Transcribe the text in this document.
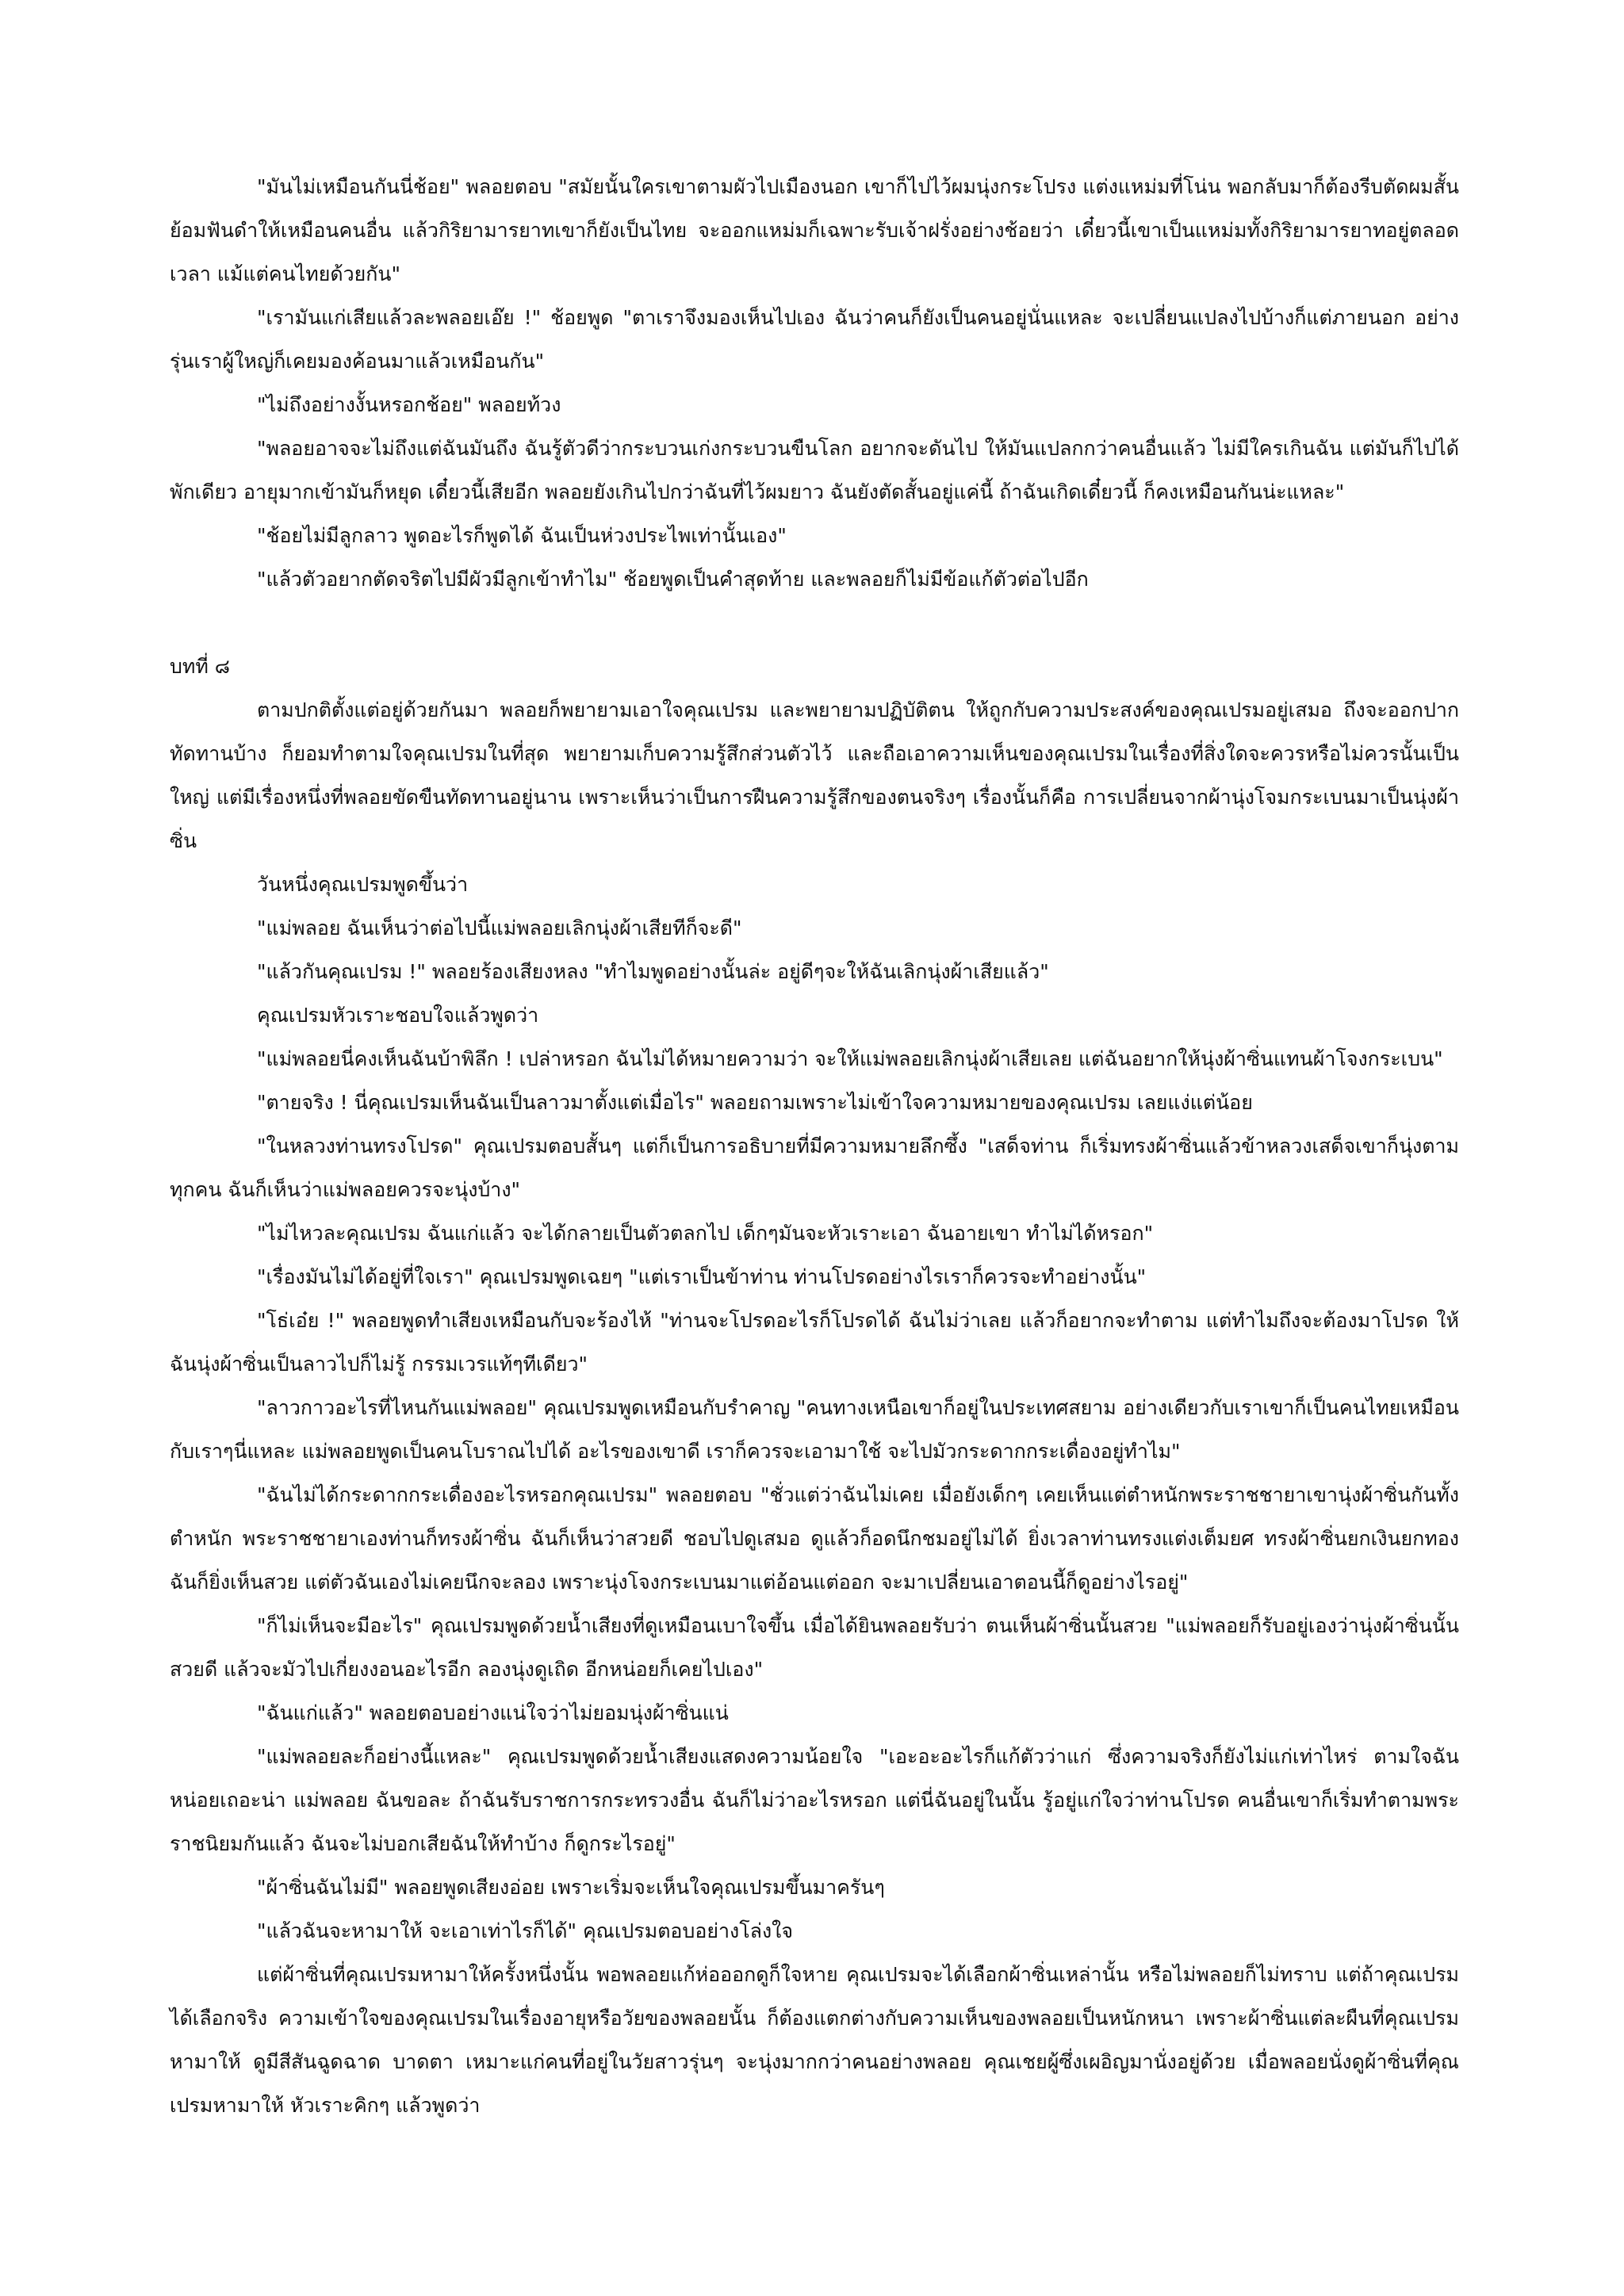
"มันไม่เหมือนกันนี่ช้อย" พลอยตอบ "สมัยนั้นใครเขาตามผัวไปเมืองนอก เขาก็ไปไว้ผมนุ่งกระโปรง แต่งแหม่มที่โน่น พอกลับมาก็ต้องรีบตัดผมสั้น ย้อมฟันดำให้เหมือนคนอื่น แล้วกิริยามารยาทเขาก็ยังเป็นไทย จะออกแหม่มก็เฉพาะรับเจ้าฝรั่งอย่างช้อยว่า เดี๋ยวนี้เขาเป็นแหม่มทั้งกิริยามารยาทอยู่ตลอดเวลา แม้แต่คนไทยด้วยกัน"

"เรามันแก่เสียแล้วละพลอยเอ๊ย !" ช้อยพูด "ตาเราจึงมองเห็นไปเอง ฉันว่าคนก็ยังเป็นคนอยู่นั่นแหละ จะเปลี่ยนแปลงไปบ้างก็แต่ภายนอก อย่างรุ่นเราผู้ใหญ่ก็เคยมองค้อนมาแล้วเหมือนกัน"

"ไม่ถึงอย่างงั้นหรอกช้อย" พลอยท้วง

"พลอยอาจจะไม่ถึงแต่ฉันมันถึง ฉันรู้ตัวดีว่ากระบวนเก่งกระบวนขืนโลก อยากจะดันไป ให้มันแปลกกว่าคนอื่นแล้ว ไม่มีใครเกินฉัน แต่มันก็ไปได้พักเดียว อายุมากเข้ามันก็หยุด เดี๋ยวนี้เสียอีก พลอยยังเกินไปกว่าฉันที่ไว้ผมยาว ฉันยังตัดสั้นอยู่แค่นี้ ถ้าฉันเกิดเดี๋ยวนี้ ก็คงเหมือนกันน่ะแหละ"

"ช้อยไม่มีลูกลาว พูดอะไรก็พูดได้ ฉันเป็นห่วงประไพเท่านั้นเอง"

"แล้วตัวอยากตัดจริตไปมีผัวมีลูกเข้าทำไม" ช้อยพูดเป็นคำสุดท้าย และพลอยก็ไม่มีข้อแก้ตัวต่อไปอีก

บทที่ ๘

ตามปกติตั้งแต่อยู่ด้วยกันมา พลอยก็พยายามเอาใจคุณเปรม และพยายามปฏิบัติตน ให้ถูกกับความประสงค์ของคุณเปรมอยู่เสมอ ถึงจะออกปากทัดทานบ้าง ก็ยอมทำตามใจคุณเปรมในที่สุด พยายามเก็บความรู้สึกส่วนตัวไว้ และถือเอาความเห็นของคุณเปรมในเรื่องที่สิ่งใดจะควรหรือไม่ควรนั้นเป็นใหญ่ แต่มีเรื่องหนึ่งที่พลอยขัดขืนทัดทานอยู่นาน เพราะเห็นว่าเป็นการฝืนความรู้สึกของตนจริงๆ เรื่องนั้นก็คือ การเปลี่ยนจากผ้านุ่งโจมกระเบนมาเป็นนุ่งผ้าซิ่น

วันหนึ่งคุณเปรมพูดขึ้นว่า

"แม่พลอย ฉันเห็นว่าต่อไปนี้แม่พลอยเลิกนุ่งผ้าเสียทีก็จะดี"

"แล้วกันคุณเปรม !" พลอยร้องเสียงหลง "ทำไมพูดอย่างนั้นล่ะ อยู่ดีๆจะให้ฉันเลิกนุ่งผ้าเสียแล้ว"

คุณเปรมหัวเราะชอบใจแล้วพูดว่า

"แม่พลอยนี่คงเห็นฉันบ้าพิลึก ! เปล่าหรอก ฉันไม่ได้หมายความว่า จะให้แม่พลอยเลิกนุ่งผ้าเสียเลย แต่ฉันอยากให้นุ่งผ้าซิ่นแทนผ้าโจงกระเบน"

"ตายจริง ! นี่คุณเปรมเห็นฉันเป็นลาวมาตั้งแต่เมื่อไร" พลอยถามเพราะไม่เข้าใจความหมายของคุณเปรม เลยแง่แต่น้อย

"ในหลวงท่านทรงโปรด" คุณเปรมตอบสั้นๆ แต่ก็เป็นการอธิบายที่มีความหมายลึกซึ้ง "เสด็จท่าน ก็เริ่มทรงผ้าซิ่นแล้วข้าหลวงเสด็จเขาก็นุ่งตามทุกคน ฉันก็เห็นว่าแม่พลอยควรจะนุ่งบ้าง"

"ไม่ไหวละคุณเปรม ฉันแก่แล้ว จะได้กลายเป็นตัวตลกไป เด็กๆมันจะหัวเราะเอา ฉันอายเขา ทำไม่ได้หรอก"

"เรื่องมันไม่ได้อยู่ที่ใจเรา" คุณเปรมพูดเฉยๆ "แต่เราเป็นข้าท่าน ท่านโปรดอย่างไรเราก็ควรจะทำอย่างนั้น"

"โธ่เอ๋ย !" พลอยพูดทำเสียงเหมือนกับจะร้องไห้ "ท่านจะโปรดอะไรก็โปรดได้ ฉันไม่ว่าเลย แล้วก็อยากจะทำตาม แต่ทำไมถึงจะต้องมาโปรด ให้ฉันนุ่งผ้าซิ่นเป็นลาวไปก็ไม่รู้ กรรมเวรแท้ๆทีเดียว"

"ลาวกาวอะไรที่ไหนกันแม่พลอย" คุณเปรมพูดเหมือนกับรำคาญ "คนทางเหนือเขาก็อยู่ในประเทศสยาม อย่างเดียวกับเราเขาก็เป็นคนไทยเหมือนกับเราๆนี่แหละ แม่พลอยพูดเป็นคนโบราณไปได้ อะไรของเขาดี เราก็ควรจะเอามาใช้ จะไปมัวกระดากกระเดื่องอยู่ทำไม"

"ฉันไม่ได้กระดากกระเดื่องอะไรหรอกคุณเปรม" พลอยตอบ "ชั่วแต่ว่าฉันไม่เคย เมื่อยังเด็กๆ เคยเห็นแต่ตำหนักพระราชชายาเขานุ่งผ้าซิ่นกันทั้งตำหนัก พระราชชายาเองท่านก็ทรงผ้าซิ่น ฉันก็เห็นว่าสวยดี ชอบไปดูเสมอ ดูแล้วก็อดนึกชมอยู่ไม่ได้ ยิ่งเวลาท่านทรงแต่งเต็มยศ ทรงผ้าซิ่นยกเงินยกทอง ฉันก็ยิ่งเห็นสวย แต่ตัวฉันเองไม่เคยนึกจะลอง เพราะนุ่งโจงกระเบนมาแต่อ้อนแต่ออก จะมาเปลี่ยนเอาตอนนี้ก็ดูอย่างไรอยู่"

"ก็ไม่เห็นจะมีอะไร" คุณเปรมพูดด้วยน้ำเสียงที่ดูเหมือนเบาใจขึ้น เมื่อได้ยินพลอยรับว่า ตนเห็นผ้าซิ่นนั้นสวย "แม่พลอยก็รับอยู่เองว่านุ่งผ้าซิ่นนั้นสวยดี แล้วจะมัวไปเกี่ยงงอนอะไรอีก ลองนุ่งดูเถิด อีกหน่อยก็เคยไปเอง"

"ฉันแก่แล้ว" พลอยตอบอย่างแน่ใจว่าไม่ยอมนุ่งผ้าซิ่นแน่

"แม่พลอยละก็อย่างนี้แหละ" คุณเปรมพูดด้วยน้ำเสียงแสดงความน้อยใจ "เอะอะอะไรก็แก้ตัวว่าแก่ ซึ่งความจริงก็ยังไม่แก่เท่าไหร่ ตามใจฉันหน่อยเถอะน่า แม่พลอย ฉันขอละ ถ้าฉันรับราชการกระทรวงอื่น ฉันก็ไม่ว่าอะไรหรอก แต่นี่ฉันอยู่ในนั้น รู้อยู่แก่ใจว่าท่านโปรด คนอื่นเขาก็เริ่มทำตามพระราชนิยมกันแล้ว ฉันจะไม่บอกเสียฉันให้ทำบ้าง ก็ดูกระไรอยู่"

"ผ้าซิ่นฉันไม่มี" พลอยพูดเสียงอ่อย เพราะเริ่มจะเห็นใจคุณเปรมขึ้นมาครันๆ

"แล้วฉันจะหามาให้ จะเอาเท่าไรก็ได้" คุณเปรมตอบอย่างโล่งใจ

แต่ผ้าซิ่นที่คุณเปรมหามาให้ครั้งหนึ่งนั้น พอพลอยแก้ห่อออกดูก็ใจหาย คุณเปรมจะได้เลือกผ้าซิ่นเหล่านั้น หรือไม่พลอยก็ไม่ทราบ แต่ถ้าคุณเปรมได้เลือกจริง ความเข้าใจของคุณเปรมในเรื่องอายุหรือวัยของพลอยนั้น ก็ต้องแตกต่างกับความเห็นของพลอยเป็นหนักหนา เพราะผ้าซิ่นแต่ละผืนที่คุณเปรมหามาให้ ดูมีสีสันฉูดฉาด บาดตา เหมาะแก่คนที่อยู่ในวัยสาวรุ่นๆ จะนุ่งมากกว่าคนอย่างพลอย คุณเชยผู้ซึ่งเผอิญมานั่งอยู่ด้วย เมื่อพลอยนั่งดูผ้าซิ่นที่คุณเปรมหามาให้ หัวเราะคิกๆ แล้วพูดว่า
